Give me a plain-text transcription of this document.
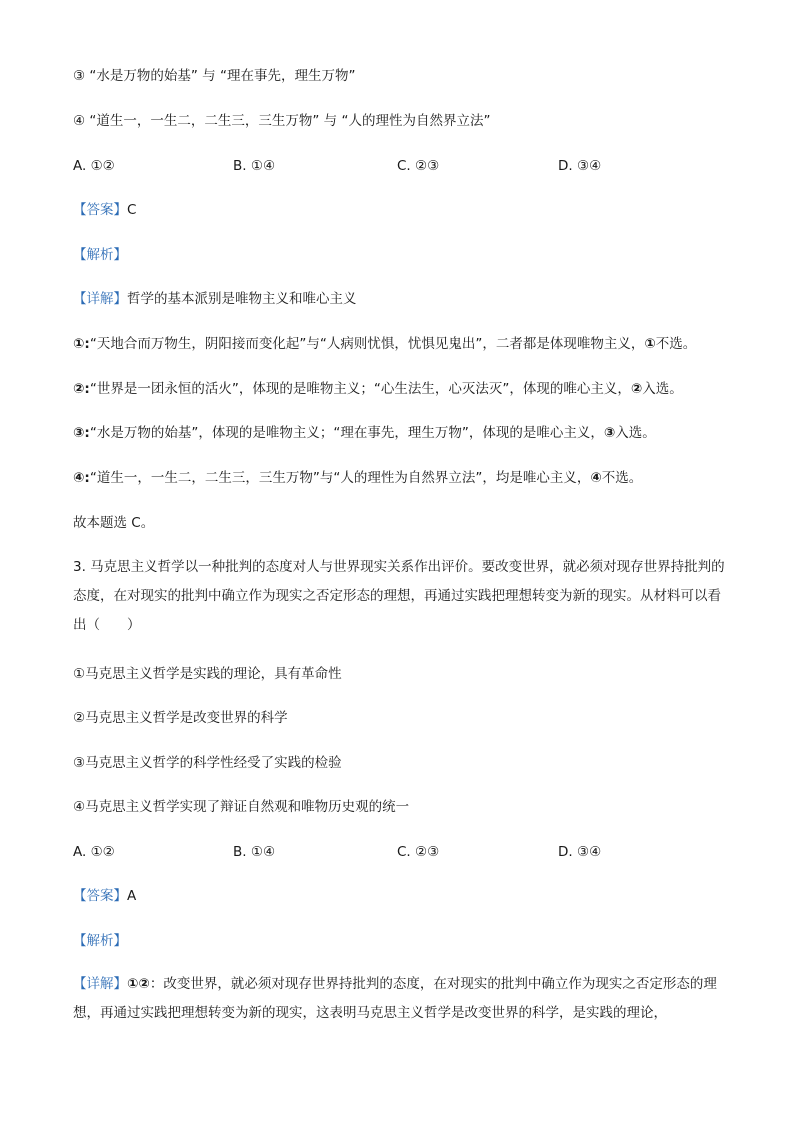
③ “水是万物的始基” 与 “理在事先，理生万物”
④ “道生一，一生二，二生三，三生万物” 与 “人的理性为自然界立法”
A. ①②	B. ①④	C. ②③	D. ③④
【答案】C
【解析】
【详解】哲学的基本派别是唯物主义和唯心主义
①:“天地合而万物生，阴阳接而变化起”与“人病则忧惧，忧惧见鬼出”，二者都是体现唯物主义，①不选。
②:“世界是一团永恒的活火”，体现的是唯物主义；“心生法生，心灭法灭”，体现的唯心主义，②入选。
③:“水是万物的始基”，体现的是唯物主义；“理在事先，理生万物”，体现的是唯心主义，③入选。
④:“道生一，一生二，二生三，三生万物”与“人的理性为自然界立法”，均是唯心主义，④不选。
故本题选 C。
3. 马克思主义哲学以一种批判的态度对人与世界现实关系作出评价。要改变世界，就必须对现存世界持批判的态度，在对现实的批判中确立作为现实之否定形态的理想，再通过实践把理想转变为新的现实。从材料可以看出（　　）
①马克思主义哲学是实践的理论，具有革命性
②马克思主义哲学是改变世界的科学
③马克思主义哲学的科学性经受了实践的检验
④马克思主义哲学实现了辩证自然观和唯物历史观的统一
A. ①②	B. ①④	C. ②③	D. ③④
【答案】A
【解析】
【详解】①②：改变世界，就必须对现存世界持批判的态度，在对现实的批判中确立作为现实之否定形态的理想，再通过实践把理想转变为新的现实，这表明马克思主义哲学是改变世界的科学，是实践的理论，
